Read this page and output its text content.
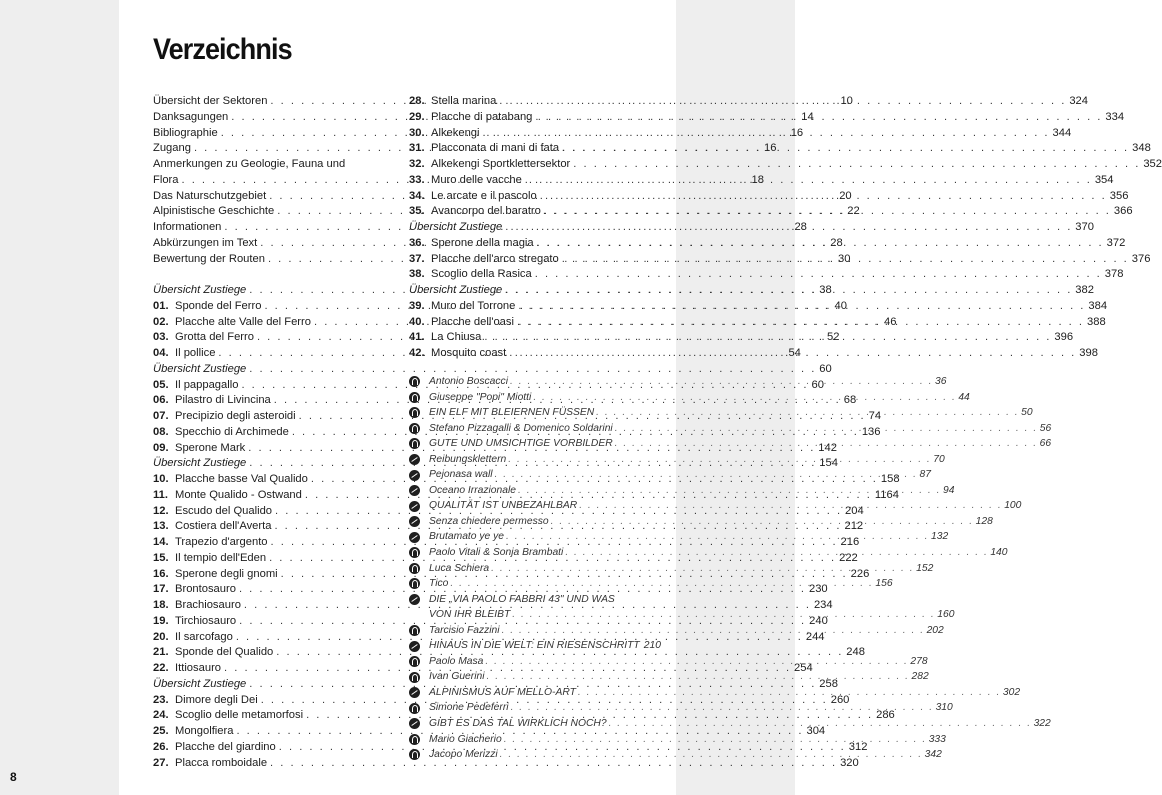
Verzeichnis
Übersicht der Sektoren . . .	10
Danksagungen . . .	14
Bibliographie . . .	16
Zugang . . .	16
Anmerkungen zu Geologie, Fauna und
Flora . . .	18
Das Naturschutzgebiet . . .	20
Alpinistische Geschichte . . .	22
Informationen . . .	28
Abkürzungen im Text . . .	28
Bewertung der Routen . . .	30
Übersicht Zustiege . . .	38
01. Sponde del Ferro . . .	40
02. Placche alte Valle del Ferro . . .	46
03. Grotta del Ferro . . .	52
04. Il pollice . . .	54
Übersicht Zustiege . . .	60
05. Il pappagallo . . .	60
06. Pilastro di Livincina . . .	68
07. Precipizio degli asteroidi . . .	74
08. Specchio di Archimede . . .	136
09. Sperone Mark . . .	142
Übersicht Zustiege . . .	154
10. Placche basse Val Qualido . . .	158
11. Monte Qualido - Ostwand . . .	1164
12. Escudo del Qualido . . .	204
13. Costiera dell'Averta . . .	212
14. Trapezio d'argento . . .	216
15. Il tempio dell'Eden . . .	222
16. Sperone degli gnomi . . .	226
17. Brontosauro . . .	230
18. Brachiosauro . . .	234
19. Tirchiosauro . . .	240
20. Il sarcofago . . .	244
21. Sponde del Qualido . . .	248
22. Ittiosauro . . .	254
Übersicht Zustiege . . .	258
23. Dimore degli Dei . . .	260
24. Scoglio delle metamorfosi . . .	286
25. Mongolfiera . . .	304
26. Placche del giardino . . .	312
27. Placca romboidale . . .	320
28. Stella marina . . .	324
29. Placche di patabang . . .	334
30. Alkekengi . . .	344
31. Placconata di mani di fata . . .	348
32. Alkekengi Sportklettersektor . . .	352
33. Muro delle vacche . . .	354
34. Le arcate e il pascolo . . .	356
35. Avancorpo del baratro . . .	366
Übersicht Zustiege . . .	370
36. Sperone della magia . . .	372
37. Placche dell'arco stregato . . .	376
38. Scoglio della Rasica . . .	378
Übersicht Zustiege . . .	382
39. Muro del Torrone . . .	384
40. Placche dell'oasi . . .	388
41. La Chiusa . . .	396
42. Mosquito coast . . .	398
Antonio Boscacci . . .	36
Giuseppe "Popi" Miotti . . .	44
EIN ELF MIT BLEIERNEN FÜSSEN . . .	50
Stefano Pizzagalli & Domenico Soldarini . . .	56
GUTE UND UMSICHTIGE VORBILDER . . .	66
Reibungsklettern . . .	70
Pejonasa wall . . .	87
Oceano Irrazionale . . .	94
QUALITÄT IST UNBEZAHLBAR . . .	100
Senza chiedere permesso . . .	128
Brutamato ye ye . . .	132
Paolo Vitali & Sonja Brambati . . .	140
Luca Schiera . . .	152
Tico . . .	156
DIE „VIA PAOLO FABBRI 43" UND WAS
VON IHR BLEIBT . . .	160
Tarcisio Fazzini . . .	202
HINAUS IN DIE WELT: EIN RIESENSCHRITT 210
Paolo Masa . . .	278
Ivan Guerini . . .	282
ALPINISMUS AUF MELLO-ART . . .	302
Simone Pedeferri . . .	310
GIBT ES DAS TAL WIRKLICH NOCH? . . .	322
Mario Giacherio . . .	333
Jacopo Merizzi . . .	342
8
